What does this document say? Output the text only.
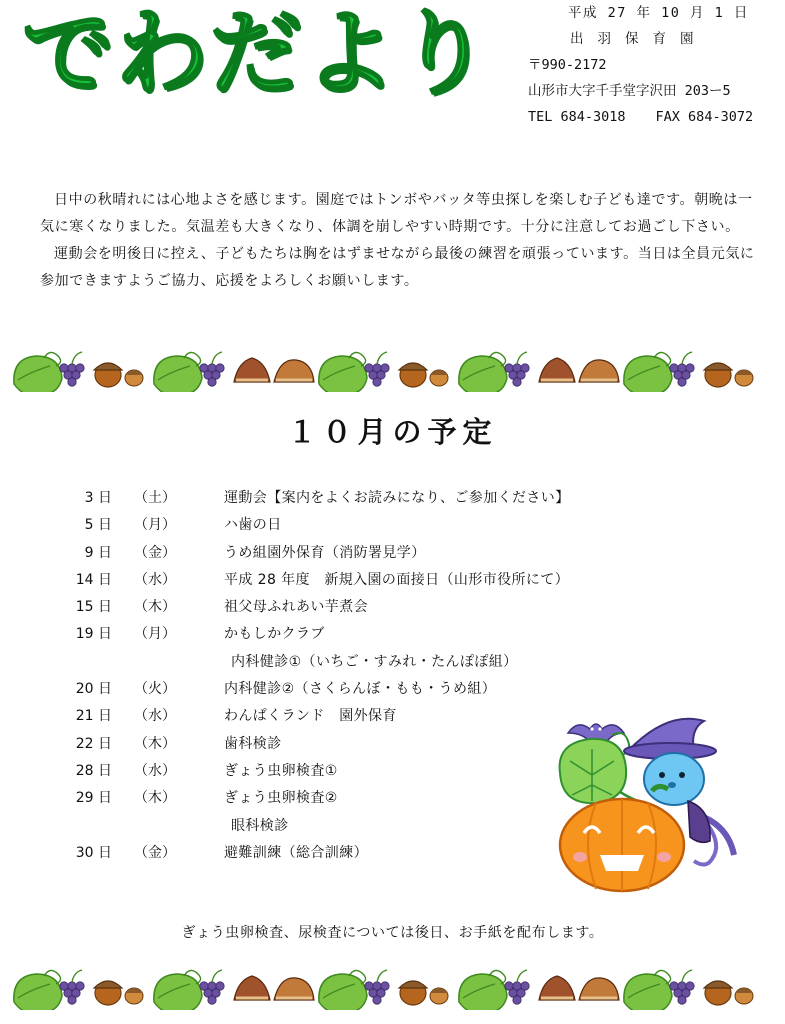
でわだより	平成 27 年 10 月 1 日
出羽保育園
〒990-2172
山形市大字千手堂字沢田 203ー5
TEL 684-3018 FAX 684-3072

日中の秋晴れには心地よさを感じます。園庭ではトンボやバッタ等虫探しを楽しむ子ども達です。朝晩は一気に寒くなりました。気温差も大きくなり、体調を崩しやすい時期です。十分に注意してお過ごし下さい。

運動会を明後日に控え、子どもたちは胸をはずませながら最後の練習を頑張っています。当日は全員元気に参加できますようご協力、応援をよろしくお願いします。

１０月の予定
3 日 （土）	運動会【案内をよくお読みになり、ご参加ください】
5 日 （月）	ハ歯の日
9 日 （金）	うめ組園外保育（消防署見学）
14 日 （水）	平成 28 年度　新規入園の面接日（山形市役所にて）
15 日 （木）	祖父母ふれあい芋煮会
19 日 （月）	かもしかクラブ
内科健診①（いちご・すみれ・たんぽぽ組）
20 日 （火）	内科健診②（さくらんぼ・もも・うめ組）
21 日 （水）	わんぱくランド　園外保育
22 日 （木）	歯科検診
28 日 （水）	ぎょう虫卵検査①
29 日 （木）	ぎょう虫卵検査②
眼科検診
30 日 （金）	避難訓練（総合訓練）
ぎょう虫卵検査、尿検査については後日、お手紙を配布します。
